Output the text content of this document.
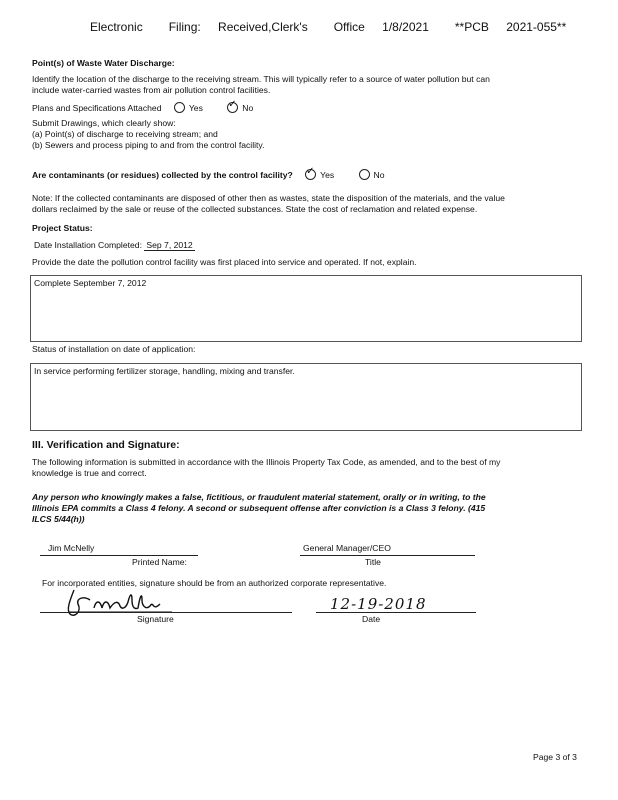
Electronic      Filing:    Received,Clerk's      Office    1/8/2021      **PCB    2021-055**
Point(s) of Waste Water Discharge:
Identify the location of the discharge to the receiving stream. This will typically refer to a source of water pollution but can
include water-carried wastes from air pollution control facilities.
Plans and Specifications Attached	Yes ✓	No
Submit Drawings, which clearly show:
(a) Point(s) of discharge to receiving stream; and
(b) Sewers and process piping to and from the control facility.
Are contaminants (or residues) collected by the control facility? ✓	Yes	No
Note: If the collected contaminants are disposed of other then as wastes, state the disposition of the materials, and the value
dollars reclaimed by the sale or reuse of the collected substances. State the cost of reclamation and related expense.
Project Status:
Date Installation Completed: Sep 7, 2012
Provide the date the pollution control facility was first placed into service and operated. If not, explain.
Complete September 7, 2012
Status of installation on date of application:
In service performing fertilizer storage, handling, mixing and transfer.
III. Verification and Signature:
The following information is submitted in accordance with the Illinois Property Tax Code, as amended, and to the best of my
knowledge is true and correct.
Any person who knowingly makes a false, fictitious, or fraudulent material statement, orally or in writing, to the
Illinois EPA commits a Class 4 felony. A second or subsequent offense after conviction is a Class 3 felony. (415
ILCS 5/44(h))
Jim McNelly
Printed Name:
General Manager/CEO
Title
For incorporated entities, signature should be from an authorized corporate representative.
Signature
12-19-2018
Date
Page 3 of 3
